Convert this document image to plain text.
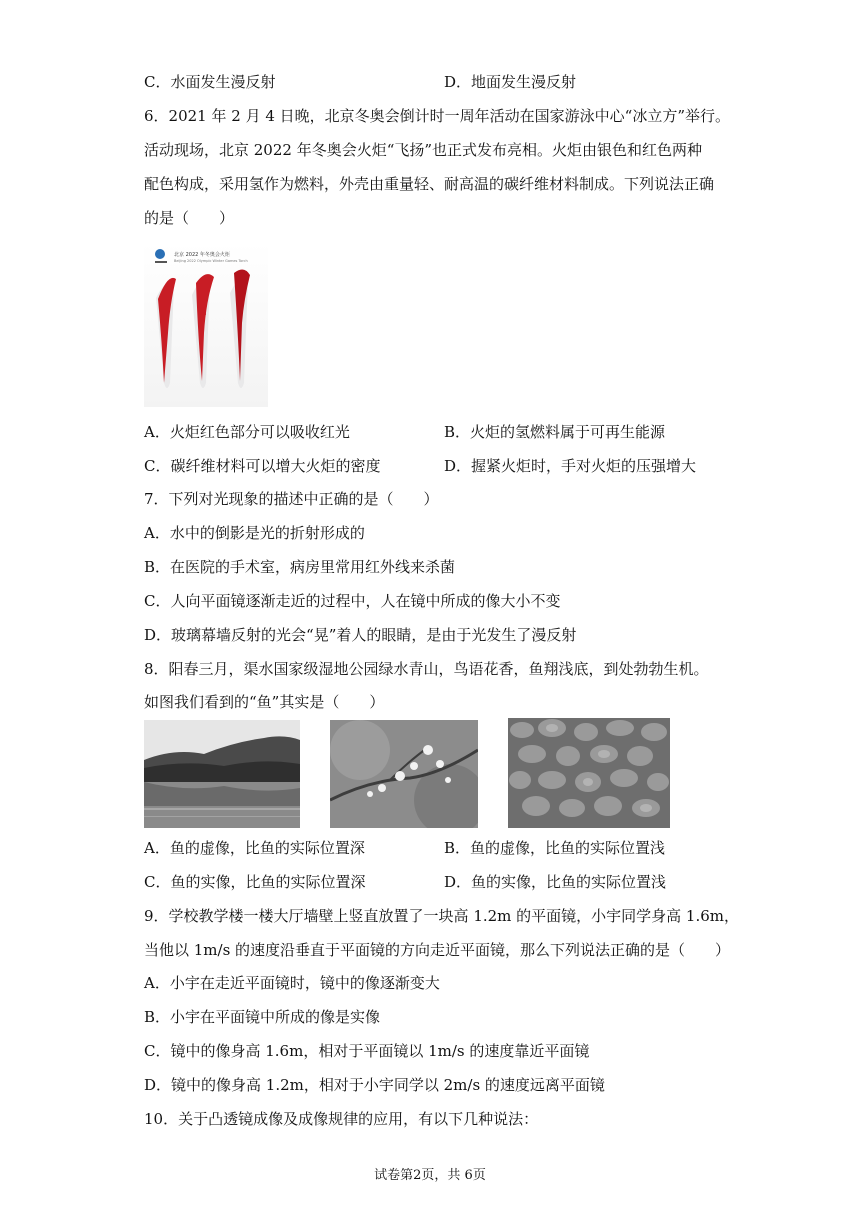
C．水面发生漫反射	D．地面发生漫反射
6．2021 年 2 月 4 日晚，北京冬奥会倒计时一周年活动在国家游泳中心“冰立方”举行。
活动现场，北京 2022 年冬奥会火炬“飞扬”也正式发布亮相。火炬由银色和红色两种
配色构成，采用氢作为燃料，外壳由重量轻、耐高温的碳纤维材料制成。下列说法正确
的是（　　）
北京 2022 年冬奥会火炬
Beijing 2022 Olympic Winter Games Torch
A．火炬红色部分可以吸收红光	B．火炬的氢燃料属于可再生能源
C．碳纤维材料可以增大火炬的密度	D．握紧火炬时，手对火炬的压强增大
7．下列对光现象的描述中正确的是（　　）
A．水中的倒影是光的折射形成的
B．在医院的手术室，病房里常用红外线来杀菌
C．人向平面镜逐渐走近的过程中，人在镜中所成的像大小不变
D．玻璃幕墙反射的光会“晃”着人的眼睛，是由于光发生了漫反射
8．阳春三月，渠水国家级湿地公园绿水青山，鸟语花香，鱼翔浅底，到处勃勃生机。
如图我们看到的“鱼”其实是（　　）
A．鱼的虚像，比鱼的实际位置深	B．鱼的虚像，比鱼的实际位置浅
C．鱼的实像，比鱼的实际位置深	D．鱼的实像，比鱼的实际位置浅
9．学校教学楼一楼大厅墙壁上竖直放置了一块高 1.2m 的平面镜，小宇同学身高 1.6m，
当他以 1m/s 的速度沿垂直于平面镜的方向走近平面镜，那么下列说法正确的是（　　）
A．小宇在走近平面镜时，镜中的像逐渐变大
B．小宇在平面镜中所成的像是实像
C．镜中的像身高 1.6m，相对于平面镜以 1m/s 的速度靠近平面镜
D．镜中的像身高 1.2m，相对于小宇同学以 2m/s 的速度远离平面镜
10．关于凸透镜成像及成像规律的应用，有以下几种说法：
试卷第2页，共 6页
